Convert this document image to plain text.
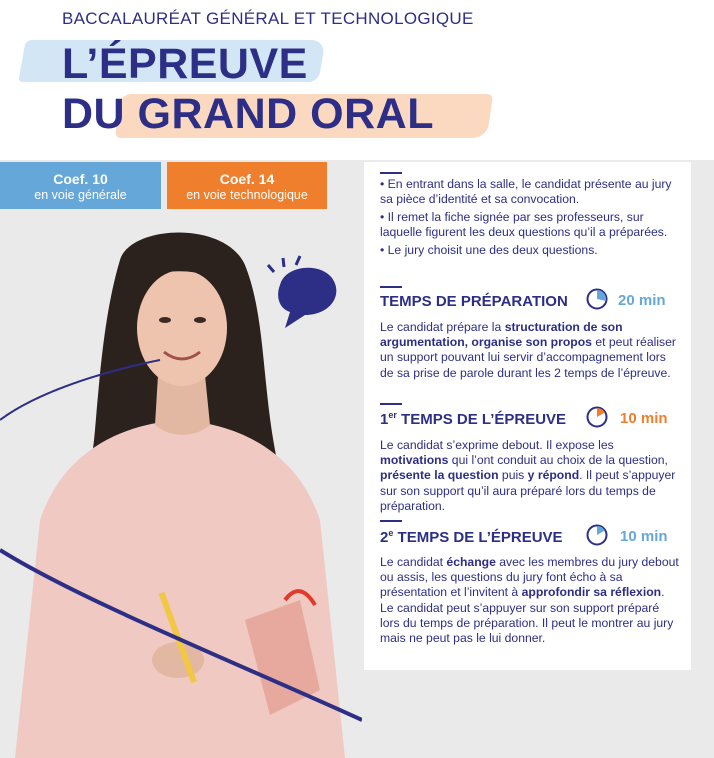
BACCALAURÉAT GÉNÉRAL ET TECHNOLOGIQUE
L’ÉPREUVE
DU GRAND ORAL
Coef. 10
en voie générale
Coef. 14
en voie technologique
• En entrant dans la salle, le candidat présente au jury sa pièce d’identité et sa convocation.
• Il remet la fiche signée par ses professeurs, sur laquelle figurent les deux questions qu’il a préparées.
• Le jury choisit une des deux questions.
TEMPS DE PRÉPARATION	20 min
Le candidat prépare la structuration de son argumentation, organise son propos et peut réaliser un support pouvant lui servir d’accompagnement lors de sa prise de parole durant les 2 temps de l’épreuve.
1er TEMPS DE L’ÉPREUVE	10 min
Le candidat s’exprime debout. Il expose les motivations qui l’ont conduit au choix de la question, présente la question puis y répond. Il peut s’appuyer sur son support qu’il aura préparé lors du temps de préparation.
2e TEMPS DE L’ÉPREUVE	10 min
Le candidat échange avec les membres du jury debout ou assis, les questions du jury font écho à sa présentation et l’invitent à approfondir sa réflexion. Le candidat peut s’appuyer sur son support préparé lors du temps de préparation. Il peut le montrer au jury mais ne peut pas le lui donner.
